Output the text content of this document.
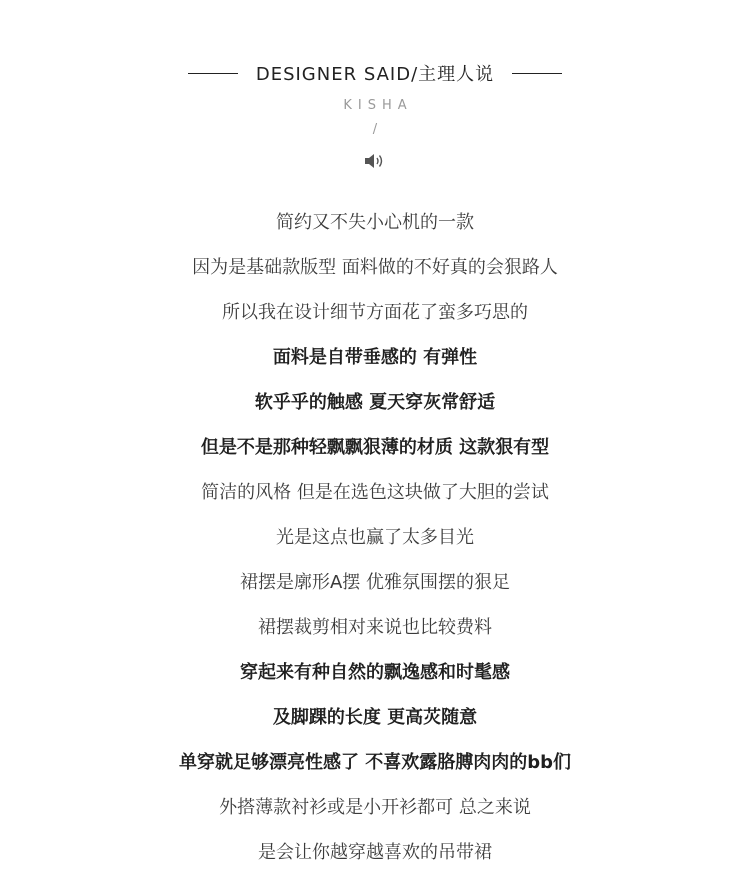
DESIGNER SAID/主理人说
KISHA
/
简约又不失小心机的一款
因为是基础款版型 面料做的不好真的会狠路人
所以我在设计细节方面花了蛮多巧思的
面料是自带垂感的 有弹性
软乎乎的触感 夏天穿灰常舒适
但是不是那种轻飘飘狠薄的材质 这款狠有型
简洁的风格 但是在选色这块做了大胆的尝试
光是这点也赢了太多目光
裙摆是廓形A摆 优雅氛围摆的狠足
裙摆裁剪相对来说也比较费料
穿起来有种自然的飘逸感和时髦感
及脚踝的长度 更高苂随意
单穿就足够漂亮性感了 不喜欢露胳膊肉肉的bb们
外搭薄款衬衫或是小开衫都可 总之来说
是会让你越穿越喜欢的吊带裙
